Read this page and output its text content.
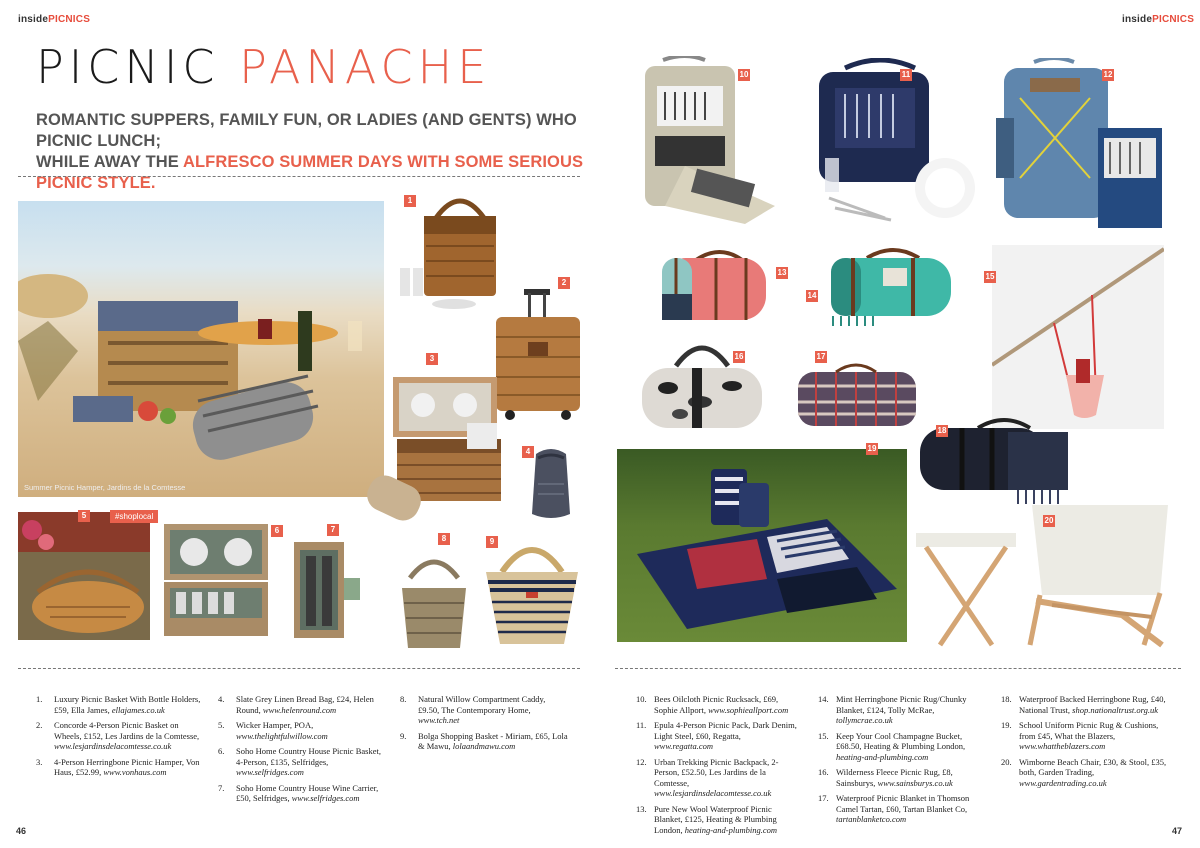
insidePICNICS	insidePICNICS
PICNIC PANACHE
ROMANTIC SUPPERS, FAMILY FUN, OR LADIES (AND GENTS) WHO PICNIC LUNCH;
WHILE AWAY THE ALFRESCO SUMMER DAYS WITH SOME SERIOUS PICNIC STYLE.
Summer Picnic Hamper, Jardins de la Comtesse
1
2
3
4
5	#shoplocal
6	7
8	9
10	11	12
13
14
15
16	17
18
19
20
1.	Luxury Picnic Basket With Bottle Holders, £59, Ella James, ellajames.co.uk
2.	Concorde 4-Person Picnic Basket on Wheels, £152, Les Jardins de la Comtesse, www.lesjardinsdelacomtesse.co.uk
3.	4-Person Herringbone Picnic Hamper, Von Haus, £52.99, www.vonhaus.com
4.	Slate Grey Linen Bread Bag, £24, Helen Round, www.helenround.com
5.	Wicker Hamper, POA, www.thelightfulwillow.com
6.	Soho Home Country House Picnic Basket, 4-Person, £135, Selfridges, www.selfridges.com
7.	Soho Home Country House Wine Carrier, £50, Selfridges, www.selfridges.com
8.	Natural Willow Compartment Caddy, £9.50, The Contemporary Home, www.tch.net
9.	Bolga Shopping Basket - Miriam, £65, Lola & Mawu, lolaandmawu.com
10. Bees Oilcloth Picnic Rucksack, £69, Sophie Allport, www.sophieallport.com
11. Epula 4-Person Picnic Pack, Dark Denim, Light Steel, £60, Regatta, www.regatta.com
12. Urban Trekking Picnic Backpack, 2-Person, £52.50, Les Jardins de la Comtesse, www.lesjardinsdelacomtesse.co.uk
13. Pure New Wool Waterproof Picnic Blanket, £125, Heating & Plumbing London, heating-and-plumbing.com
14. Mint Herringbone Picnic Rug/Chunky Blanket, £124, Tolly McRae, tollymcrae.co.uk
15. Keep Your Cool Champagne Bucket, £68.50, Heating & Plumbing London, heating-and-plumbing.com
16. Wilderness Fleece Picnic Rug, £8, Sainsburys, www.sainsburys.co.uk
17. Waterproof Picnic Blanket in Thomson Camel Tartan, £60, Tartan Blanket Co, tartanblanketco.com
18. Waterproof Backed Herringbone Rug, £40, National Trust, shop.nationaltrust.org.uk
19. School Uniform Picnic Rug & Cushions, from £45, What the Blazers, www.whattheblazers.com
20. Wimborne Beach Chair, £30, & Stool, £35, both, Garden Trading, www.gardentrading.co.uk
46	47
